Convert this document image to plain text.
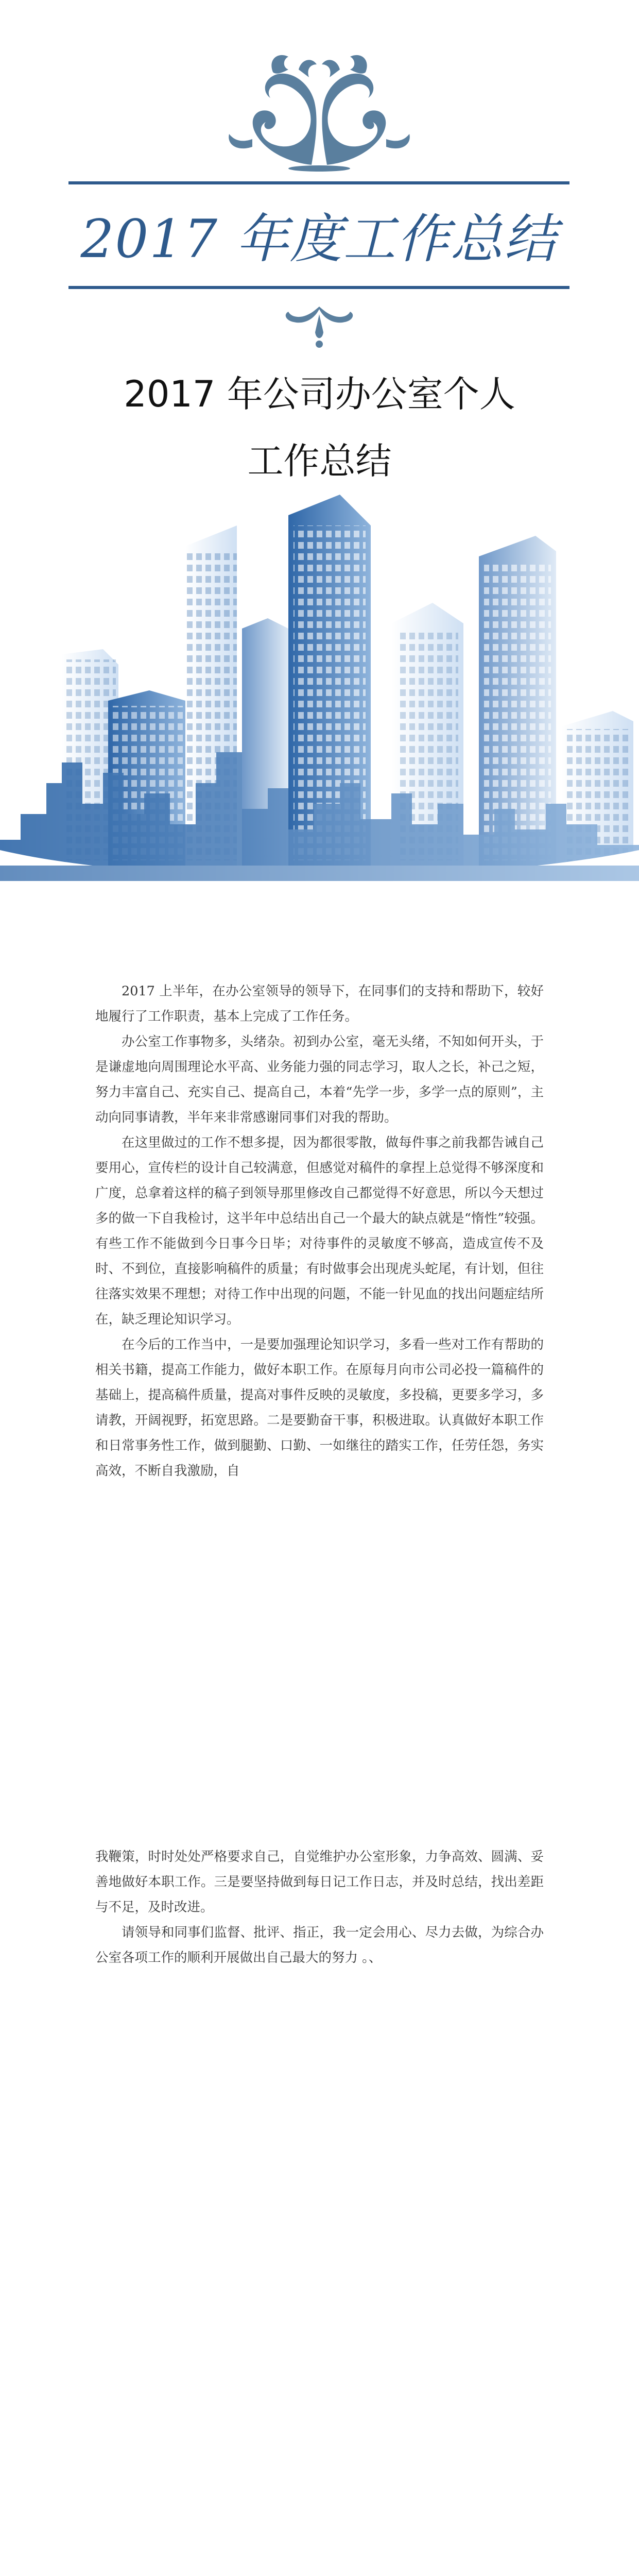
2017 年度工作总结
2017 年公司办公室个人
工作总结

2017 上半年，在办公室领导的领导下，在同事们的支持和帮助下，较好地履行了工作职责，基本上完成了工作任务。

办公室工作事物多，头绪杂。初到办公室，毫无头绪，不知如何开头，于是谦虚地向周围理论水平高、业务能力强的同志学习，取人之长，补己之短，努力丰富自己、充实自己、提高自己，本着“先学一步，多学一点的原则”，主动向同事请教，半年来非常感谢同事们对我的帮助。

在这里做过的工作不想多提，因为都很零散，做每件事之前我都告诫自己要用心，宣传栏的设计自己较满意，但感觉对稿件的拿捏上总觉得不够深度和广度，总拿着这样的稿子到领导那里修改自己都觉得不好意思，所以今天想过多的做一下自我检讨，这半年中总结出自己一个最大的缺点就是“惰性”较强。有些工作不能做到今日事今日毕；对待事件的灵敏度不够高，造成宣传不及时、不到位，直接影响稿件的质量；有时做事会出现虎头蛇尾，有计划，但往往落实效果不理想；对待工作中出现的问题，不能一针见血的找出问题症结所在，缺乏理论知识学习。

在今后的工作当中，一是要加强理论知识学习，多看一些对工作有帮助的相关书籍，提高工作能力，做好本职工作。在原每月向市公司必投一篇稿件的基础上，提高稿件质量，提高对事件反映的灵敏度，多投稿，更要多学习，多请教，开阔视野，拓宽思路。二是要勤奋干事，积极进取。认真做好本职工作和日常事务性工作，做到腿勤、口勤、一如继往的踏实工作，任劳任怨，务实高效，不断自我激励，自

我鞭策，时时处处严格要求自己，自觉维护办公室形象，力争高效、圆满、妥善地做好本职工作。三是要坚持做到每日记工作日志，并及时总结，找出差距与不足，及时改进。

请领导和同事们监督、批评、指正，我一定会用心、尽力去做，为综合办公室各项工作的顺利开展做出自己最大的努力 。、
